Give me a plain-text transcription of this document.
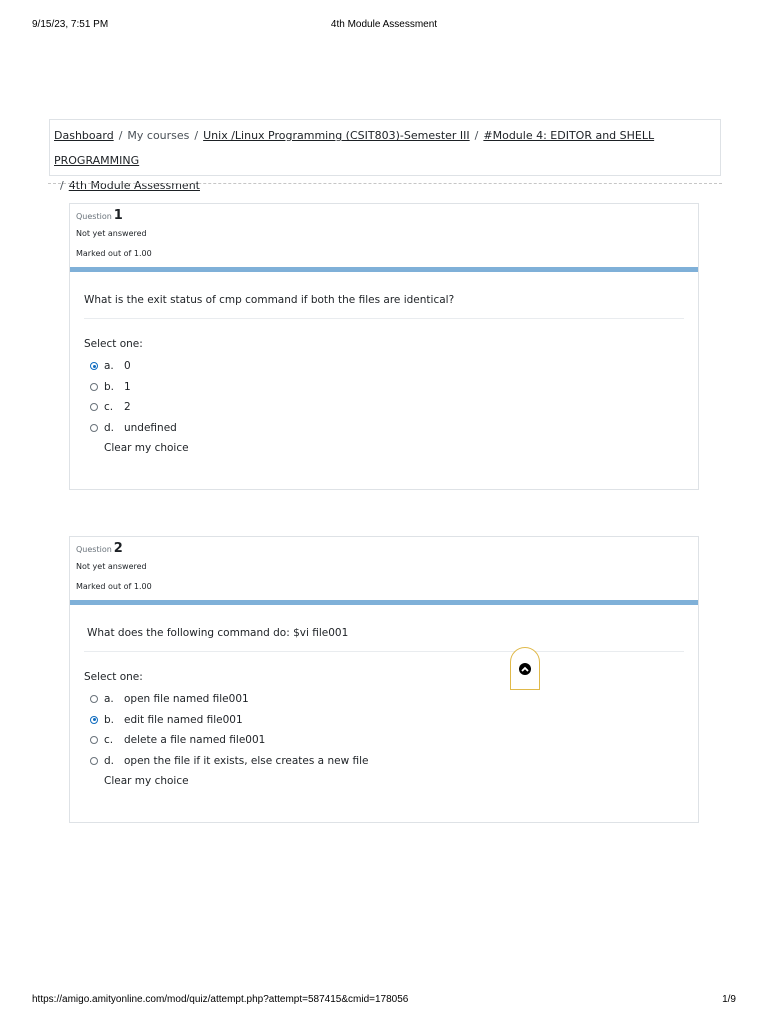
4th Module Assessment
9/15/23, 7:51 PM
Dashboard / My courses / Unix /Linux Programming (CSIT803)-Semester III / #Module 4: EDITOR and SHELL PROGRAMMING
/ 4th Module Assessment
Question 1
Not yet answered
Marked out of 1.00
What is the exit status of cmp command if both the files are identical?
Select one:
a. 0
b. 1
c.	2
d. undefined
Clear my choice
Question 2
Not yet answered
Marked out of 1.00
What does the following command do: $vi file001
Select one:
a. open file named file001
b. edit file named file001
c.	delete a file named file001
d. open the file if it exists, else creates a new file
Clear my choice
https://amigo.amityonline.com/mod/quiz/attempt.php?attempt=587415&cmid=178056	1/9
